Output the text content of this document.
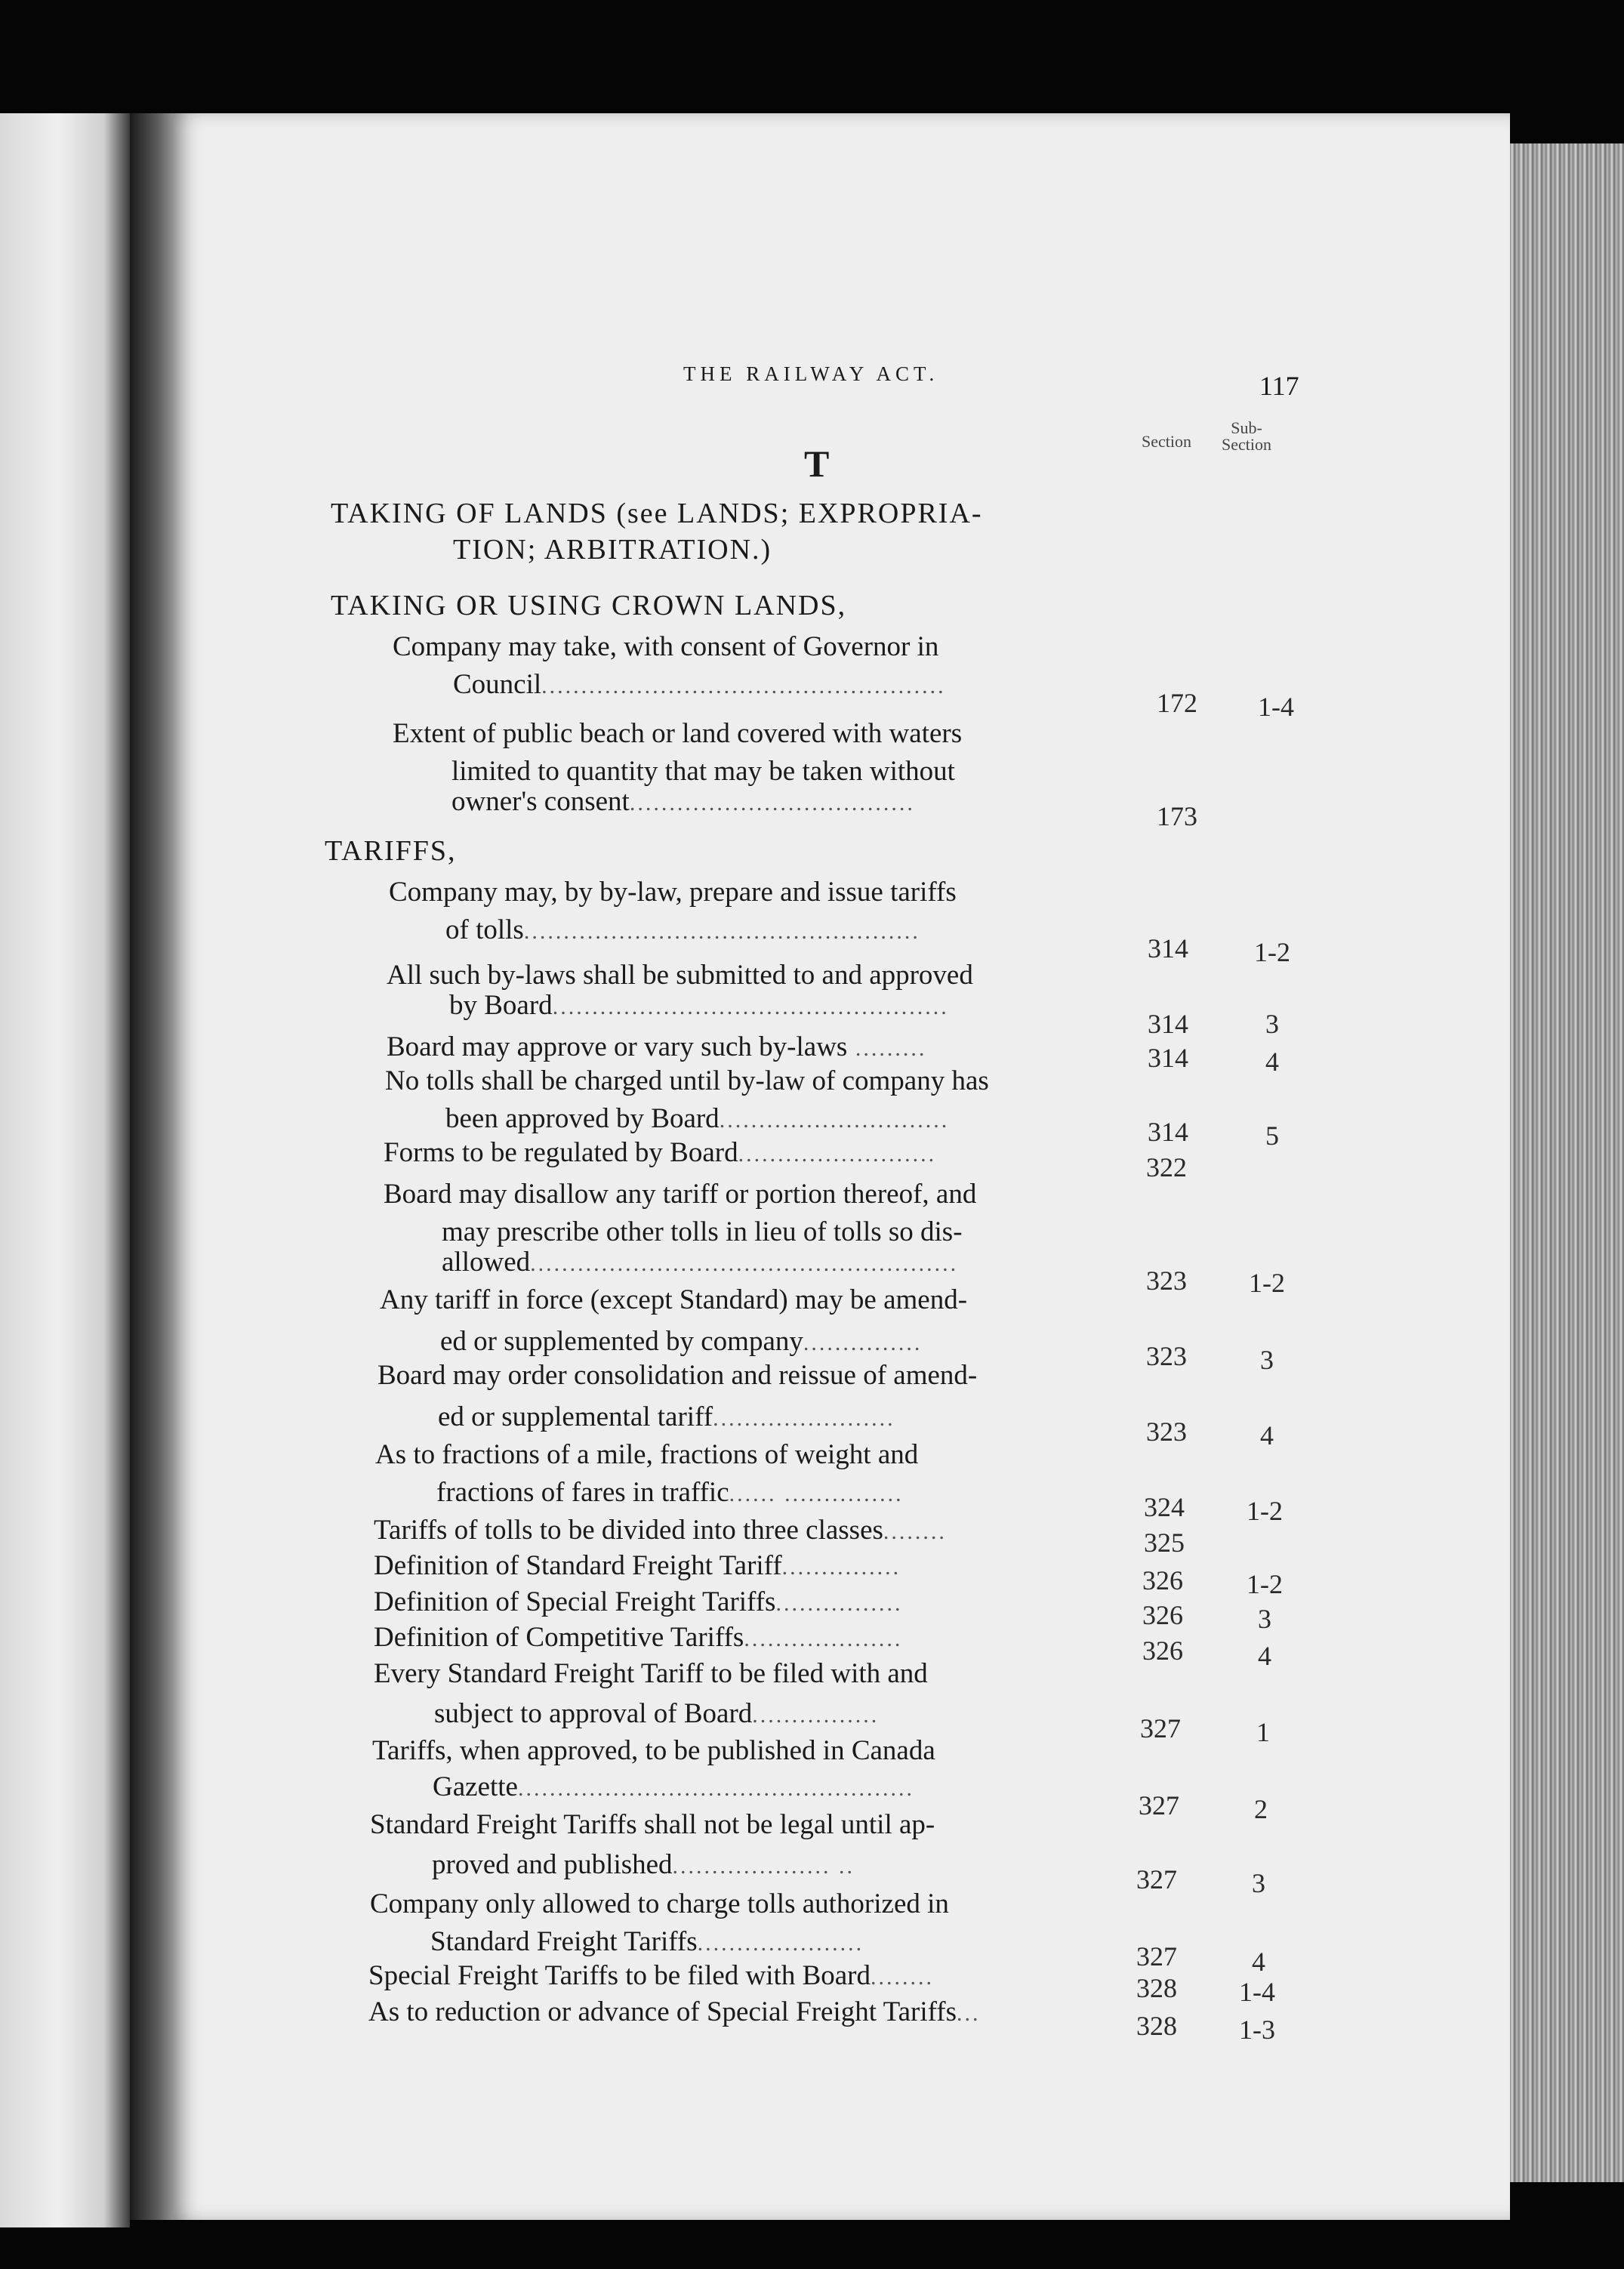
THE RAILWAY ACT.	117
Section
Sub-
Section
T
TAKING OF LANDS (see LANDS; EXPROPRIA-
TION; ARBITRATION.)
TAKING OR USING CROWN LANDS,
TARIFFS,
Company may take, with consent of Governor in
Council...................................................
172	1-4
Extent of public beach or land covered with waters
limited to quantity that may be taken without
owner's consent....................................	173
Company may, by by-law, prepare and issue tariffs
of tolls..................................................
314	1-2
All such by-laws shall be submitted to and approved
by Board..................................................
314	3
Board may approve or vary such by-laws .........	314	4
No tolls shall be charged until by-law of company has
been approved by Board.............................	314	5
Forms to be regulated by Board.........................	322
Board may disallow any tariff or portion thereof, and
may prescribe other tolls in lieu of tolls so dis-
allowed......................................................
323	1-2
Any tariff in force (except Standard) may be amend-
ed or supplemented by company...............	323	3
Board may order consolidation and reissue of amend-
ed or supplemental tariff.......................	323	4
As to fractions of a mile, fractions of weight and
fractions of fares in traffic...... ...............	324	1-2
Tariffs of tolls to be divided into three classes........	325
Definition of Standard Freight Tariff...............	326	1-2
Definition of Special Freight Tariffs................	326	3
Definition of Competitive Tariffs....................	326	4
Every Standard Freight Tariff to be filed with and
subject to approval of Board................	327	1
Tariffs, when approved, to be published in Canada
Gazette..................................................
327	2
Standard Freight Tariffs shall not be legal until ap-
proved and published.................... ..	327	3
Company only allowed to charge tolls authorized in
Standard Freight Tariffs.....................	327	4
Special Freight Tariffs to be filed with Board........	328	1-4
As to reduction or advance of Special Freight Tariffs...	328	1-3
